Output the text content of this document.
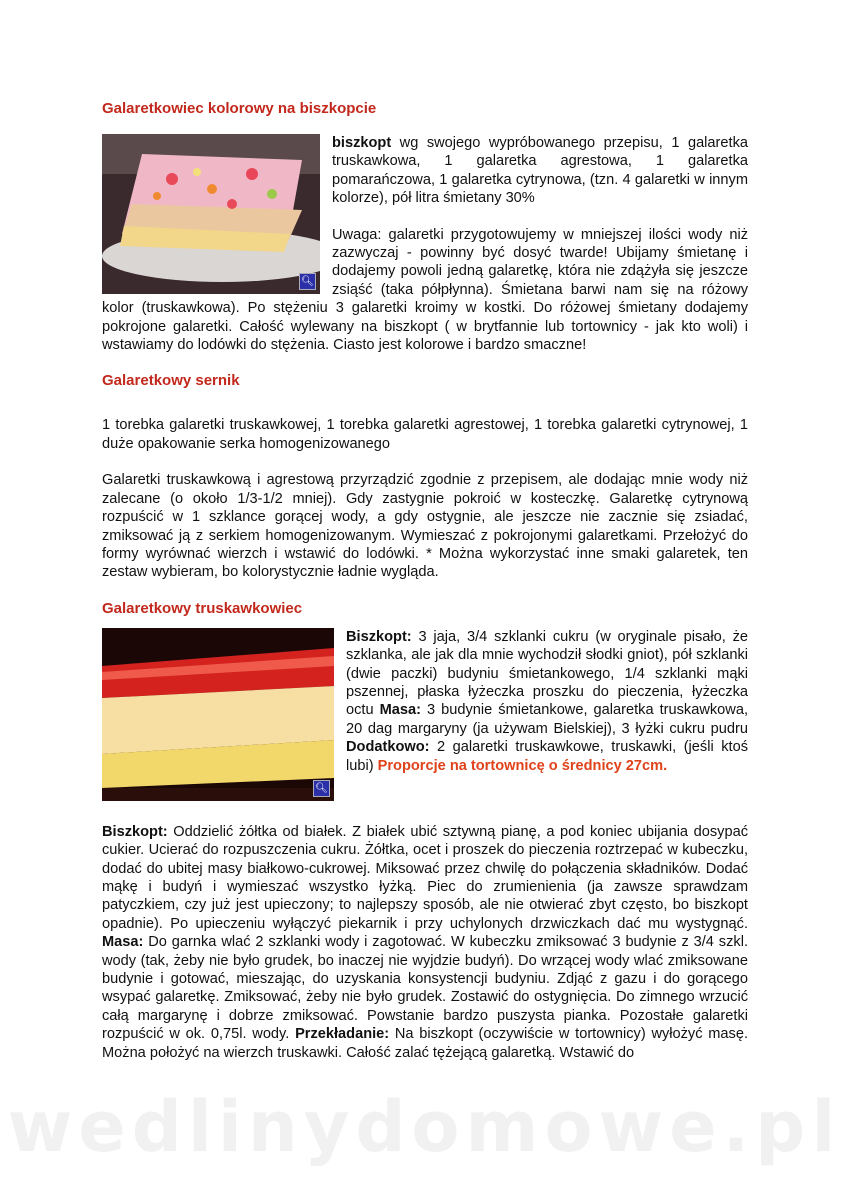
Galaretkowiec kolorowy na biszkopcie
🔍︎

biszkopt wg swojego wypróbowanego przepisu, 1 galaretka truskawkowa, 1 galaretka agrestowa, 1 galaretka pomarańczowa, 1 galaretka cytrynowa, (tzn. 4 galaretki w innym kolorze), pół litra śmietany 30%

Uwaga: galaretki przygotowujemy w mniejszej ilości wody niż zazwyczaj - powinny być dosyć twarde! Ubijamy śmietanę i dodajemy powoli jedną galaretkę, która nie zdążyła się jeszcze zsiąść (taka półpłynna). Śmietana barwi nam się na różowy kolor (truskawkowa). Po stężeniu 3 galaretki kroimy w kostki. Do różowej śmietany dodajemy pokrojone galaretki. Całość wylewany na biszkopt ( w brytfannie lub tortownicy - jak kto woli) i wstawiamy do lodówki do stężenia. Ciasto jest kolorowe i bardzo smaczne!

Galaretkowy sernik

1 torebka galaretki truskawkowej, 1 torebka galaretki agrestowej, 1 torebka galaretki cytrynowej, 1 duże opakowanie serka homogenizowanego

Galaretki truskawkową i agrestową przyrządzić zgodnie z przepisem, ale dodając mnie wody niż zalecane (o około 1/3-1/2 mniej). Gdy zastygnie pokroić w kosteczkę. Galaretkę cytrynową rozpuścić w 1 szklance gorącej wody, a gdy ostygnie, ale jeszcze nie zacznie się zsiadać, zmiksować ją z serkiem homogenizowanym. Wymieszać z pokrojonymi galaretkami. Przełożyć do formy wyrównać wierzch i wstawić do lodówki. * Można wykorzystać inne smaki galaretek, ten zestaw wybieram, bo kolorystycznie ładnie wygląda.

Galaretkowy truskawkowiec
🔍︎

Biszkopt: 3 jaja, 3/4 szklanki cukru (w oryginale pisało, że szklanka, ale jak dla mnie wychodził słodki gniot), pół szklanki (dwie paczki) budyniu śmietankowego, 1/4 szklanki mąki pszennej, płaska łyżeczka proszku do pieczenia, łyżeczka octu Masa: 3 budynie śmietankowe, galaretka truskawkowa, 20 dag margaryny (ja używam Bielskiej), 3 łyżki cukru pudru Dodatkowo: 2 galaretki truskawkowe, truskawki, (jeśli ktoś lubi) Proporcje na tortownicę o średnicy 27cm.

Biszkopt: Oddzielić żółtka od białek. Z białek ubić sztywną pianę, a pod koniec ubijania dosypać cukier. Ucierać do rozpuszczenia cukru. Żółtka, ocet i proszek do pieczenia roztrzepać w kubeczku, dodać do ubitej masy białkowo-cukrowej. Miksować przez chwilę do połączenia składników. Dodać mąkę i budyń i wymieszać wszystko łyżką. Piec do zrumienienia (ja zawsze sprawdzam patyczkiem, czy już jest upieczony; to najlepszy sposób, ale nie otwierać zbyt często, bo biszkopt opadnie). Po upieczeniu wyłączyć piekarnik i przy uchylonych drzwiczkach dać mu wystygnąć. Masa: Do garnka wlać 2 szklanki wody i zagotować. W kubeczku zmiksować 3 budynie z 3/4 szkl. wody (tak, żeby nie było grudek, bo inaczej nie wyjdzie budyń). Do wrzącej wody wlać zmiksowane budynie i gotować, mieszając, do uzyskania konsystencji budyniu. Zdjąć z gazu i do gorącego wsypać galaretkę. Zmiksować, żeby nie było grudek. Zostawić do ostygnięcia. Do zimnego wrzucić całą margarynę i dobrze zmiksować. Powstanie bardzo puszysta pianka. Pozostałe galaretki rozpuścić w ok. 0,75l. wody. Przekładanie: Na biszkopt (oczywiście w tortownicy) wyłożyć masę. Można położyć na wierzch truskawki. Całość zalać tężejącą galaretką. Wstawić do

wedlinydomowe.pl
